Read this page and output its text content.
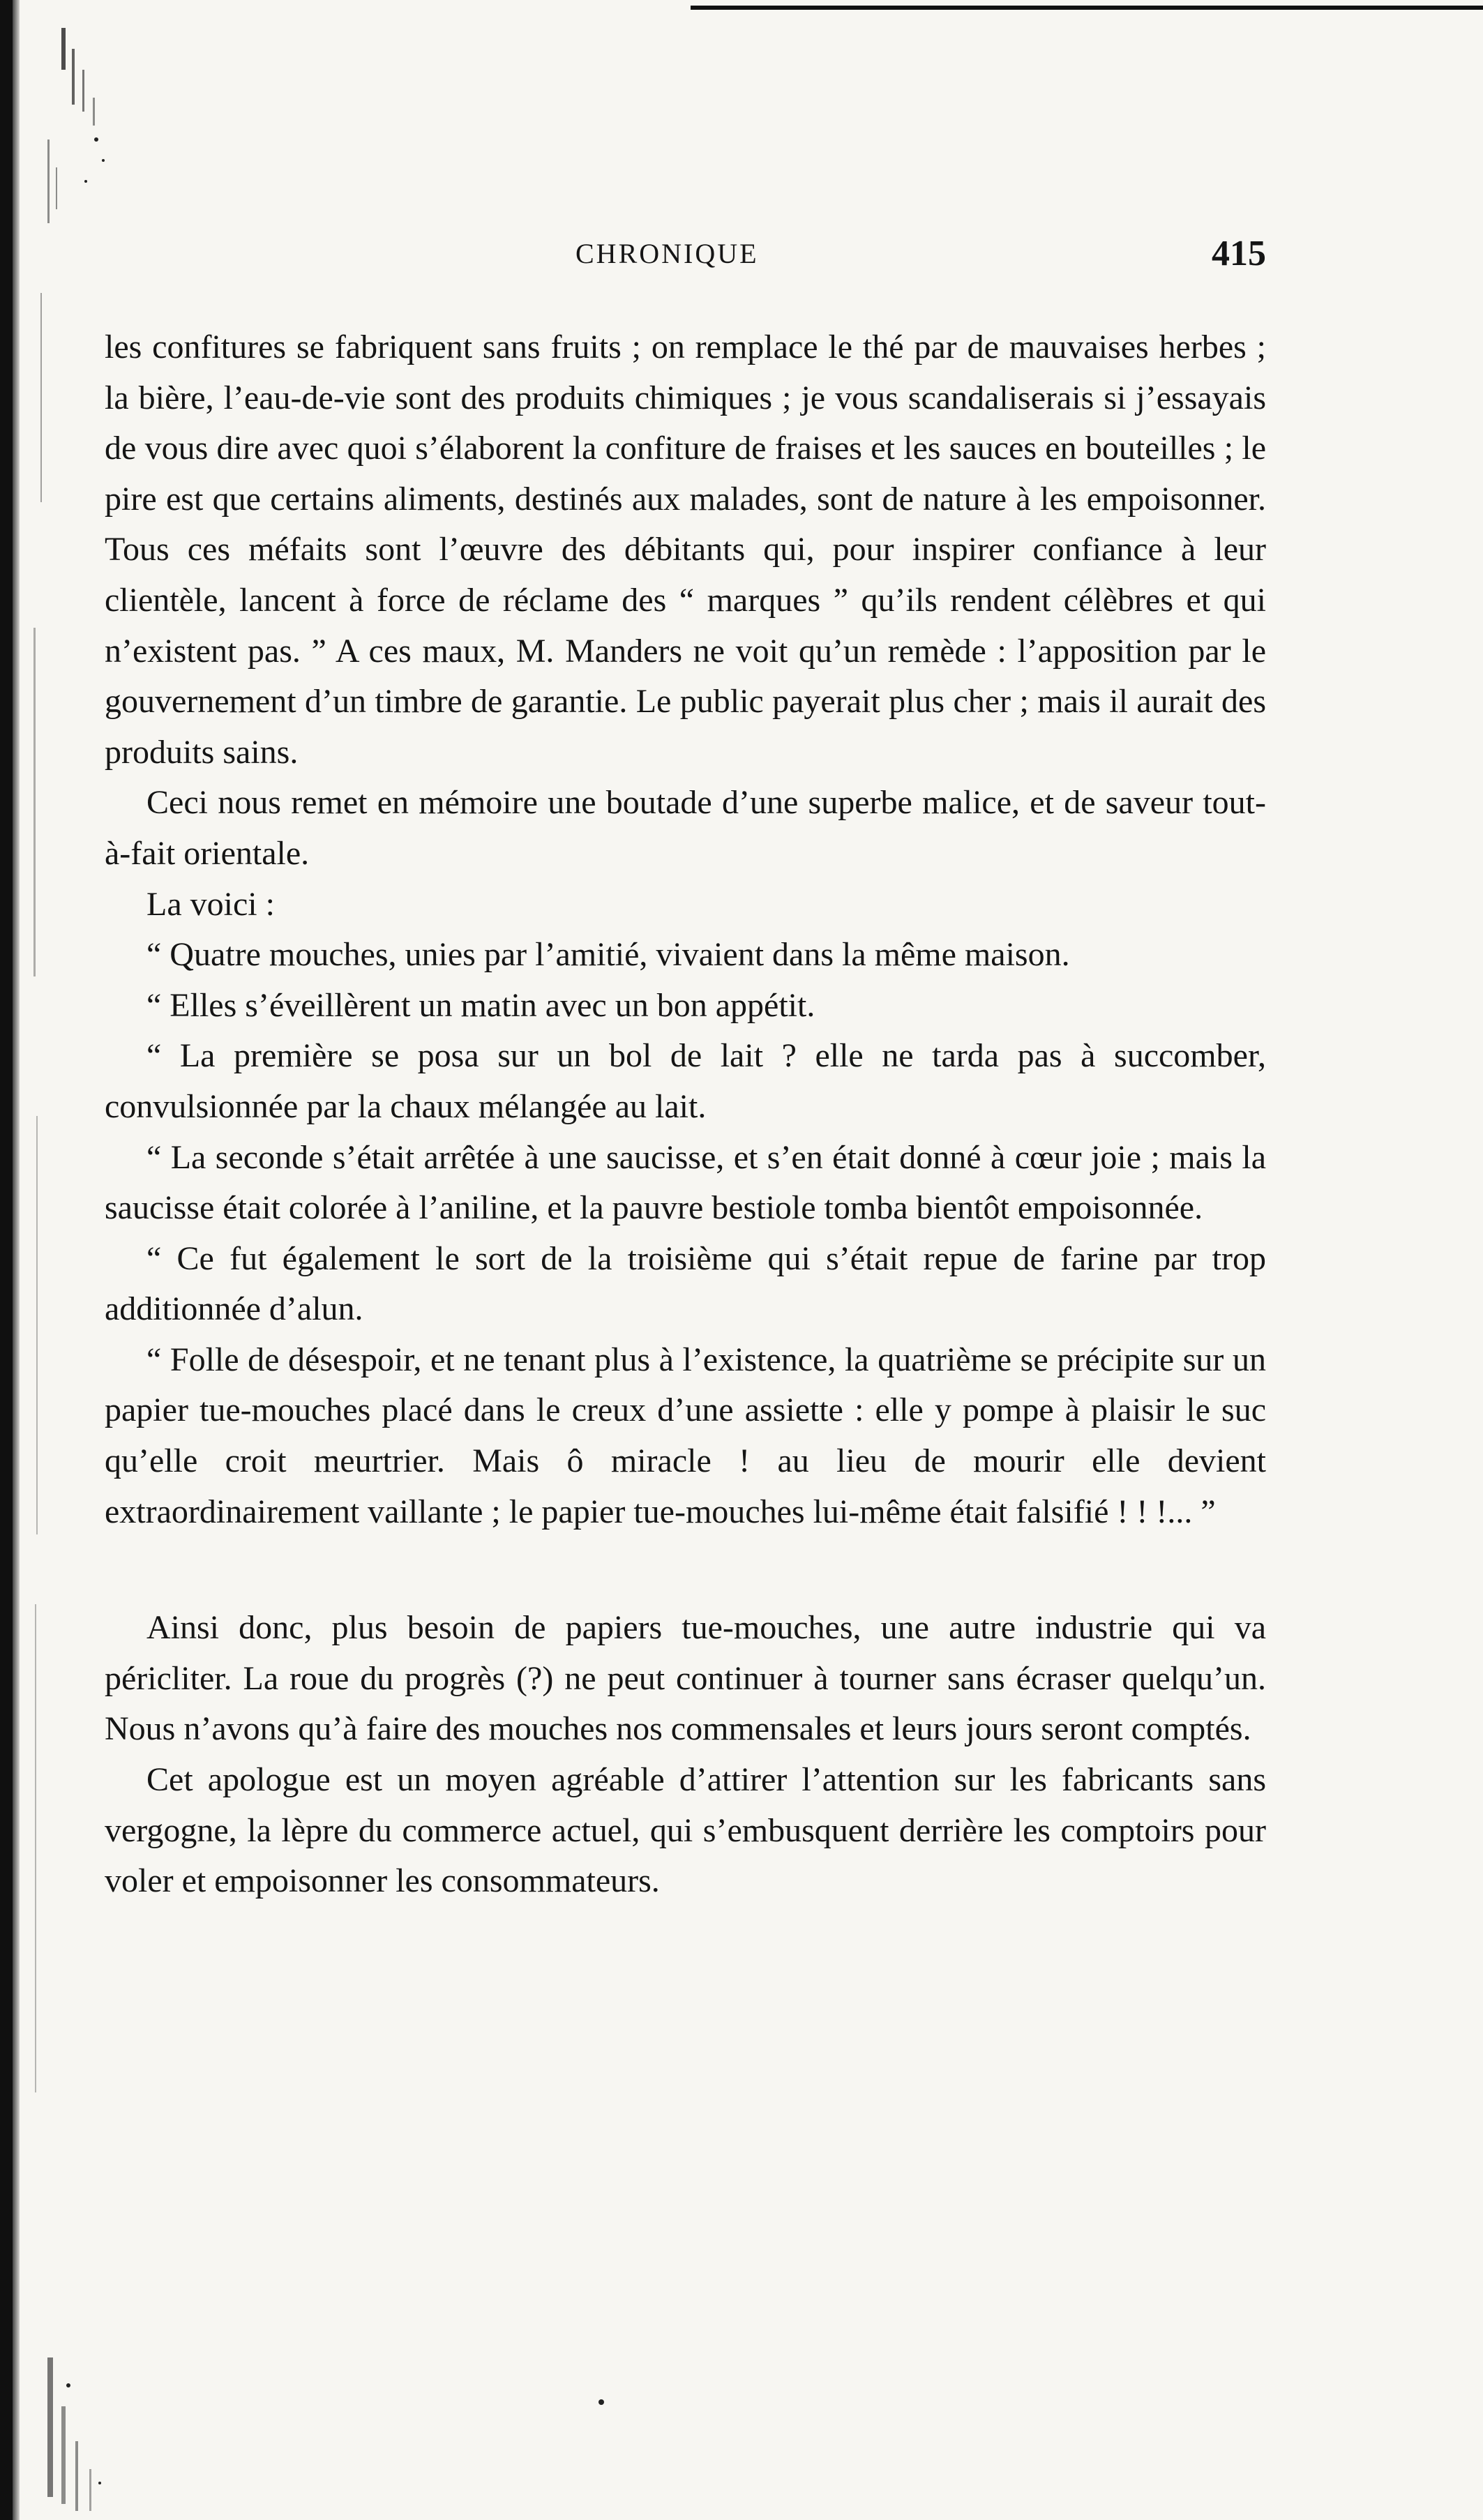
CHRONIQUE	415

les confitures se fabriquent sans fruits ; on remplace le thé par de mauvaises herbes ; la bière, l’eau-de-vie sont des produits chimiques ; je vous scandaliserais si j’essayais de vous dire avec quoi s’élaborent la confiture de fraises et les sauces en bouteilles ; le pire est que certains aliments, destinés aux malades, sont de nature à les empoisonner. Tous ces méfaits sont l’œuvre des débitants qui, pour inspirer confiance à leur clientèle, lancent à force de réclame des “ marques ” qu’ils rendent célèbres et qui n’existent pas. ” A ces maux, M. Manders ne voit qu’un remède : l’apposition par le gouvernement d’un timbre de garantie. Le public payerait plus cher ; mais il aurait des produits sains.

Ceci nous remet en mémoire une boutade d’une superbe malice, et de saveur tout-à-fait orientale.

La voici :

“ Quatre mouches, unies par l’amitié, vivaient dans la même maison.

“ Elles s’éveillèrent un matin avec un bon appétit.

“ La première se posa sur un bol de lait ? elle ne tarda pas à succomber, convulsionnée par la chaux mélangée au lait.

“ La seconde s’était arrêtée à une saucisse, et s’en était donné à cœur joie ; mais la saucisse était colorée à l’aniline, et la pauvre bestiole tomba bientôt empoisonnée.

“ Ce fut également le sort de la troisième qui s’était repue de farine par trop additionnée d’alun.

“ Folle de désespoir, et ne tenant plus à l’existence, la quatrième se précipite sur un papier tue-mouches placé dans le creux d’une assiette : elle y pompe à plaisir le suc qu’elle croit meurtrier. Mais ô miracle ! au lieu de mourir elle devient extraordinairement vaillante ; le papier tue-mouches lui-même était falsifié ! ! !... ”

Ainsi donc, plus besoin de papiers tue-mouches, une autre industrie qui va péricliter. La roue du progrès (?) ne peut continuer à tourner sans écraser quelqu’un. Nous n’avons qu’à faire des mouches nos commensales et leurs jours seront comptés.

Cet apologue est un moyen agréable d’attirer l’attention sur les fabricants sans vergogne, la lèpre du commerce actuel, qui s’embusquent derrière les comptoirs pour voler et empoisonner les consommateurs.
